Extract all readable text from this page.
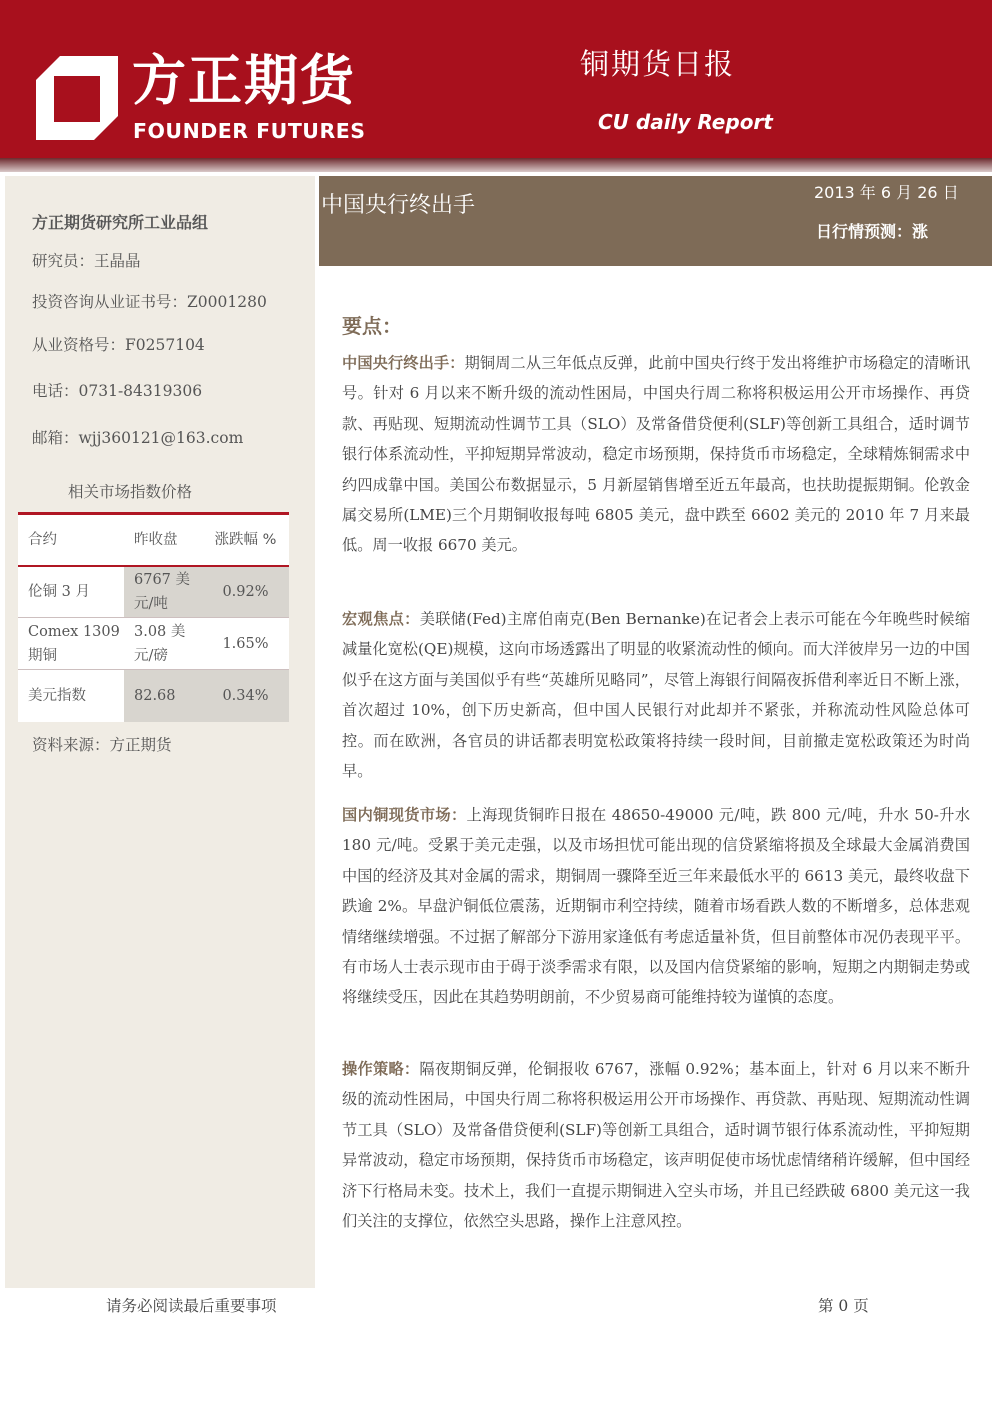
方正期货
FOUNDER FUTURES
铜期货日报
CU daily Report
方正期货研究所工业品组
研究员：王晶晶
投资咨询从业证书号：Z0001280
从业资格号：F0257104
电话：0731-84319306
邮箱：wjj360121@163.com
相关市场指数价格
合约	昨收盘	涨跌幅 %
伦铜 3 月	6767 美元/吨	0.92%
Comex 1309 期铜	3.08 美元/磅	1.65%
美元指数	82.68	0.34%
资料来源：方正期货
中国央行终出手
2013 年 6 月 26 日
日行情预测：涨
要点：
中国央行终出手：期铜周二从三年低点反弹，此前中国央行终于发出将维护市场稳定的清晰讯号。针对 6 月以来不断升级的流动性困局，中国央行周二称将积极运用公开市场操作、再贷款、再贴现、短期流动性调节工具（SLO）及常备借贷便利(SLF)等创新工具组合，适时调节银行体系流动性，平抑短期异常波动，稳定市场预期，保持货币市场稳定，全球精炼铜需求中约四成靠中国。美国公布数据显示，5 月新屋销售增至近五年最高，也扶助提振期铜。伦敦金属交易所(LME)三个月期铜收报每吨 6805 美元，盘中跌至 6602 美元的 2010 年 7 月来最低。周一收报 6670 美元。
宏观焦点：美联储(Fed)主席伯南克(Ben Bernanke)在记者会上表示可能在今年晚些时候缩减量化宽松(QE)规模，这向市场透露出了明显的收紧流动性的倾向。而大洋彼岸另一边的中国似乎在这方面与美国似乎有些“英雄所见略同”，尽管上海银行间隔夜拆借利率近日不断上涨，首次超过 10%，创下历史新高，但中国人民银行对此却并不紧张，并称流动性风险总体可控。而在欧洲，各官员的讲话都表明宽松政策将持续一段时间，目前撤走宽松政策还为时尚早。
国内铜现货市场：上海现货铜昨日报在 48650-49000 元/吨，跌 800 元/吨，升水 50-升水 180 元/吨。受累于美元走强，以及市场担忧可能出现的信贷紧缩将损及全球最大金属消费国中国的经济及其对金属的需求，期铜周一骤降至近三年来最低水平的 6613 美元，最终收盘下跌逾 2%。早盘沪铜低位震荡，近期铜市利空持续，随着市场看跌人数的不断增多，总体悲观情绪继续增强。不过据了解部分下游用家逢低有考虑适量补货，但目前整体市况仍表现平平。有市场人士表示现市由于碍于淡季需求有限，以及国内信贷紧缩的影响，短期之内期铜走势或将继续受压，因此在其趋势明朗前，不少贸易商可能维持较为谨慎的态度。
操作策略：隔夜期铜反弹，伦铜报收 6767，涨幅 0.92%；基本面上，针对 6 月以来不断升级的流动性困局，中国央行周二称将积极运用公开市场操作、再贷款、再贴现、短期流动性调节工具（SLO）及常备借贷便利(SLF)等创新工具组合，适时调节银行体系流动性，平抑短期异常波动，稳定市场预期，保持货币市场稳定，该声明促使市场忧虑情绪稍许缓解，但中国经济下行格局未变。技术上，我们一直提示期铜进入空头市场，并且已经跌破 6800 美元这一我们关注的支撑位，依然空头思路，操作上注意风控。
请务必阅读最后重要事项	第 0 页
